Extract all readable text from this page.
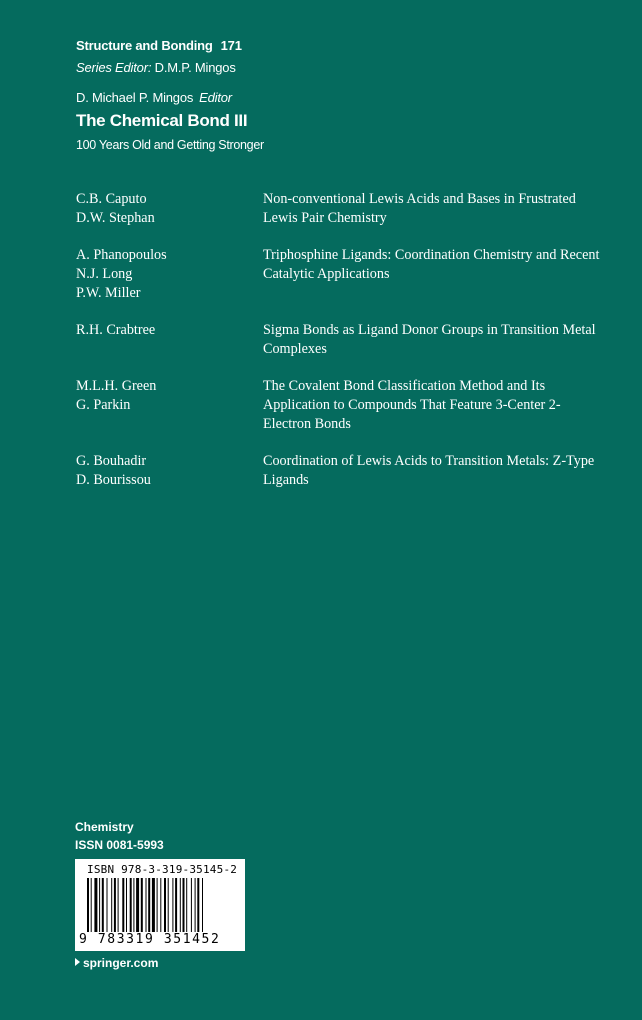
Structure and Bonding 171
Series Editor: D.M.P. Mingos
D. Michael P. Mingos Editor
The Chemical Bond III
100 Years Old and Getting Stronger
C.B. Caputo
D.W. Stephan
Non-conventional Lewis Acids and Bases in Frustrated Lewis Pair Chemistry
A. Phanopoulos
N.J. Long
P.W. Miller
Triphosphine Ligands: Coordination Chemistry and Recent Catalytic Applications
R.H. Crabtree	Sigma Bonds as Ligand Donor Groups in Transition Metal Complexes
M.L.H. Green
G. Parkin
The Covalent Bond Classification Method and Its Application to Compounds That Feature 3-Center 2-Electron Bonds
G. Bouhadir
D. Bourissou
Coordination of Lewis Acids to Transition Metals: Z-Type Ligands
Chemistry
ISSN 0081-5993
ISBN 978-3-319-35145-2
9 783319 351452
springer.com
